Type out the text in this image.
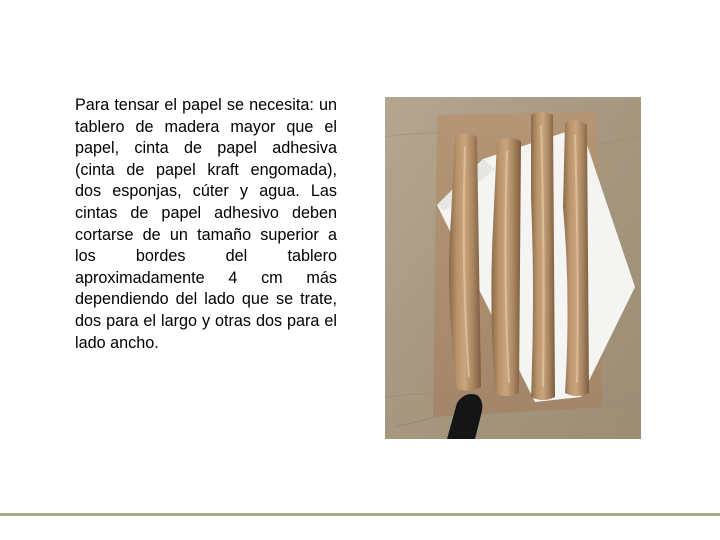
Para tensar el papel se necesita: un tablero de madera mayor que el papel, cinta de papel adhesiva (cinta de papel kraft engomada), dos esponjas, cúter y agua. Las cintas de papel adhesivo deben cortarse de un tamaño superior a los bordes del tablero aproximadamente 4 cm más dependiendo del lado que se trate, dos para el largo y otras dos para el lado ancho.
